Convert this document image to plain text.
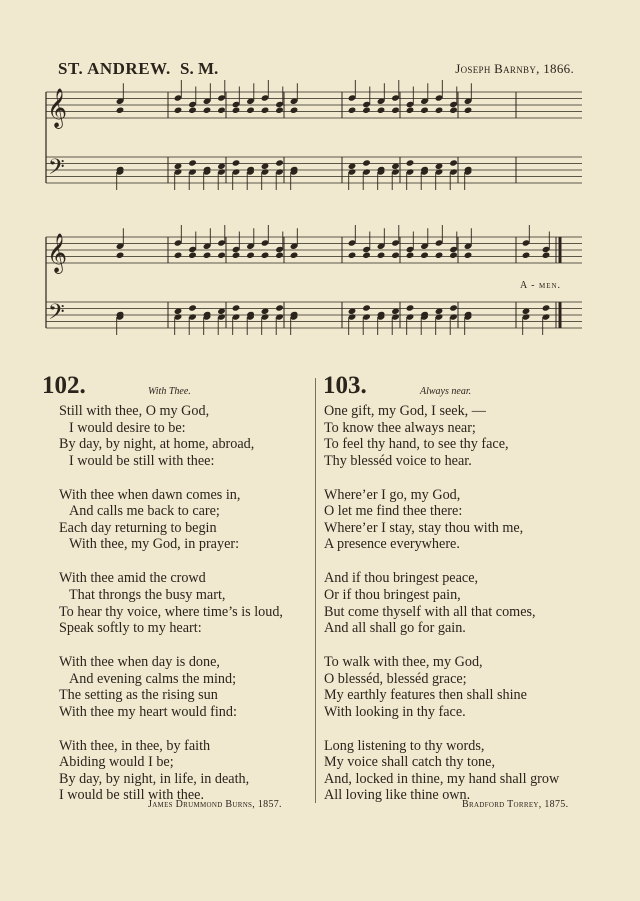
ST. ANDREW. S. M.	Joseph Barnby, 1866.
𝄞
𝄢
𝄞
𝄢
A - men.
102.	With Thee.	103.	Always near.
Still with thee, O my God,
I would desire to be:
By day, by night, at home, abroad,
I would be still with thee:
With thee when dawn comes in,
And calls me back to care;
Each day returning to begin
With thee, my God, in prayer:
With thee amid the crowd
That throngs the busy mart,
To hear thy voice, where time’s is loud,
Speak softly to my heart:
With thee when day is done,
And evening calms the mind;
The setting as the rising sun
With thee my heart would find:
With thee, in thee, by faith
Abiding would I be;
By day, by night, in life, in death,
I would be still with thee.
One gift, my God, I seek, —
To know thee always near;
To feel thy hand, to see thy face,
Thy blesséd voice to hear.
Where’er I go, my God,
O let me find thee there:
Where’er I stay, stay thou with me,
A presence everywhere.
And if thou bringest peace,
Or if thou bringest pain,
But come thyself with all that comes,
And all shall go for gain.
To walk with thee, my God,
O blesséd, blesséd grace;
My earthly features then shall shine
With looking in thy face.
Long listening to thy words,
My voice shall catch thy tone,
And, locked in thine, my hand shall grow
All loving like thine own.
James Drummond Burns, 1857.	Bradford Torrey, 1875.
